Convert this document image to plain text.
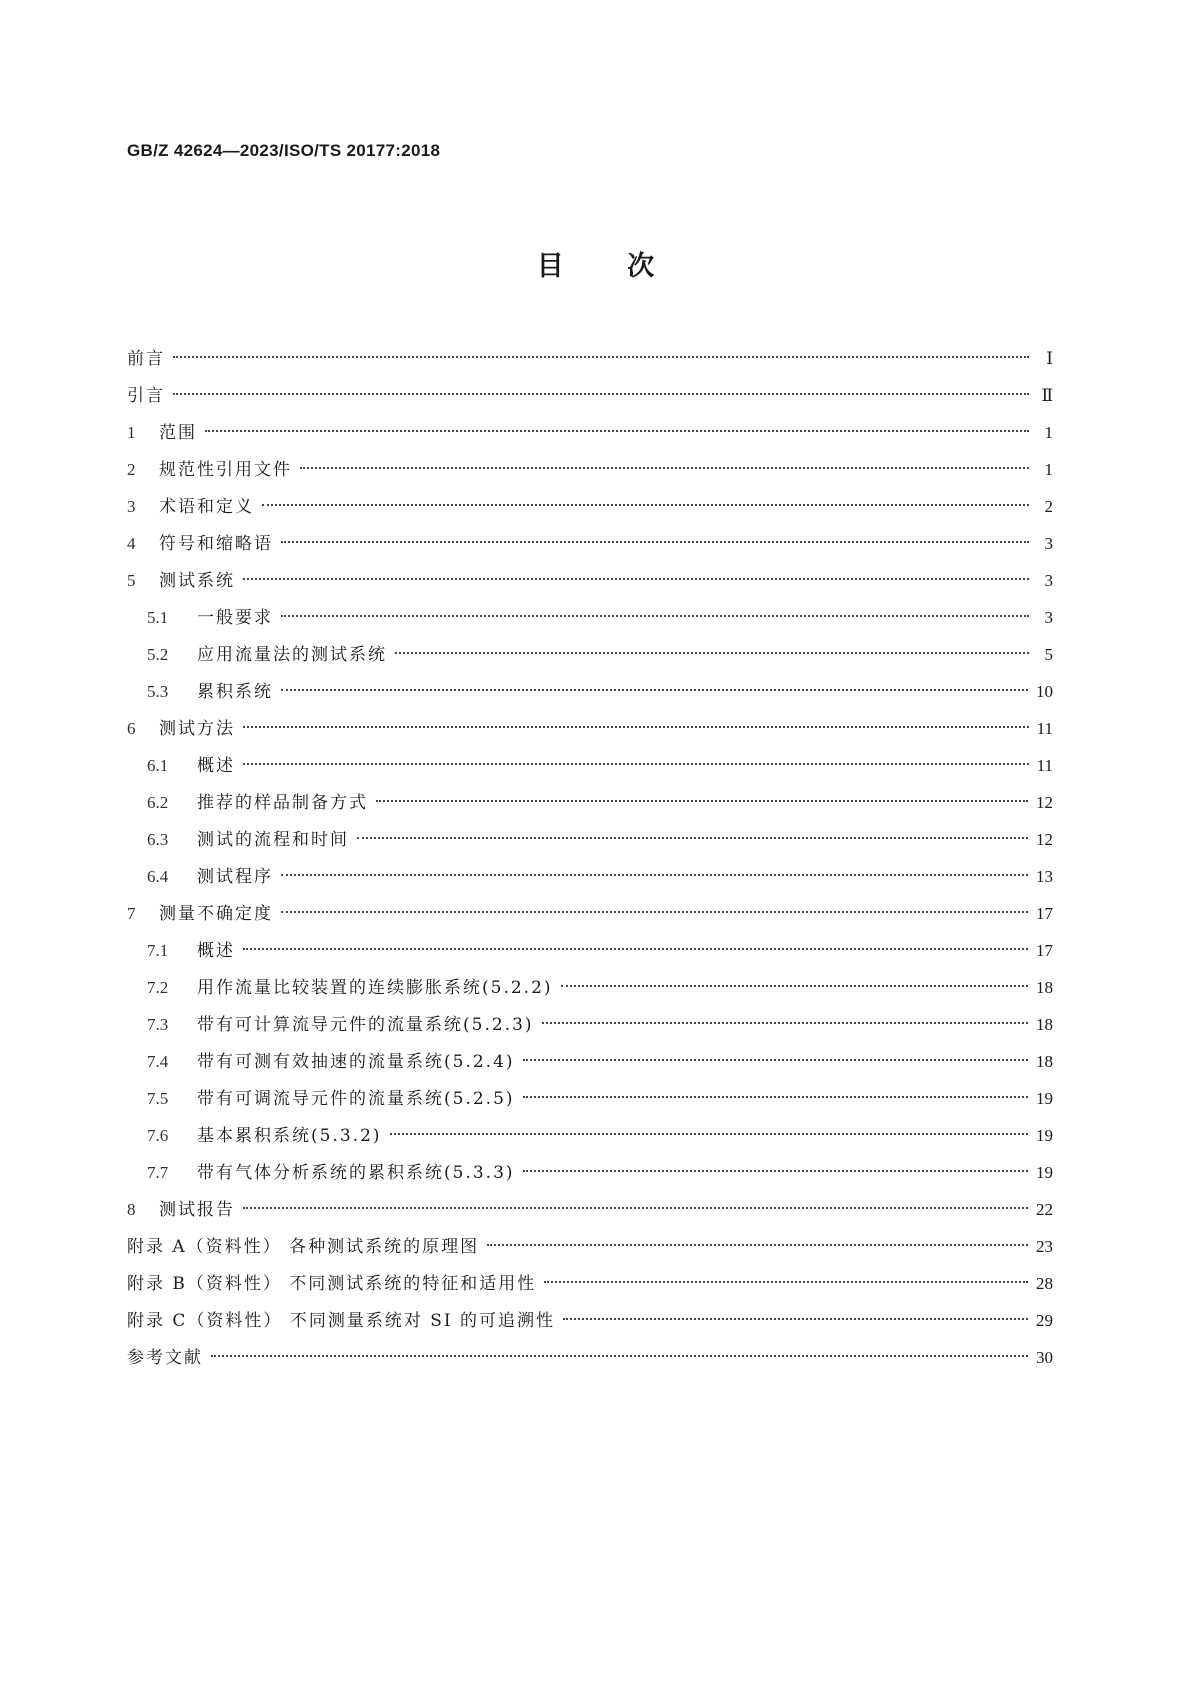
GB/Z 42624—2023/ISO/TS 20177:2018
目 次
前言	Ⅰ
引言	Ⅱ
1	范围	1
2	规范性引用文件	1
3	术语和定义	2
4	符号和缩略语	3
5	测试系统	3
5.1	一般要求	3
5.2	应用流量法的测试系统	5
5.3	累积系统	10
6	测试方法	11
6.1	概述	11
6.2	推荐的样品制备方式	12
6.3	测试的流程和时间	12
6.4	测试程序	13
7	测量不确定度	17
7.1	概述	17
7.2	用作流量比较装置的连续膨胀系统(5.2.2)	18
7.3	带有可计算流导元件的流量系统(5.2.3)	18
7.4	带有可测有效抽速的流量系统(5.2.4)	18
7.5	带有可调流导元件的流量系统(5.2.5)	19
7.6	基本累积系统(5.3.2)	19
7.7	带有气体分析系统的累积系统(5.3.3)	19
8	测试报告	22
附录 A（资料性） 各种测试系统的原理图	23
附录 B（资料性） 不同测试系统的特征和适用性	28
附录 C（资料性） 不同测量系统对 SI 的可追溯性	29
参考文献	30
